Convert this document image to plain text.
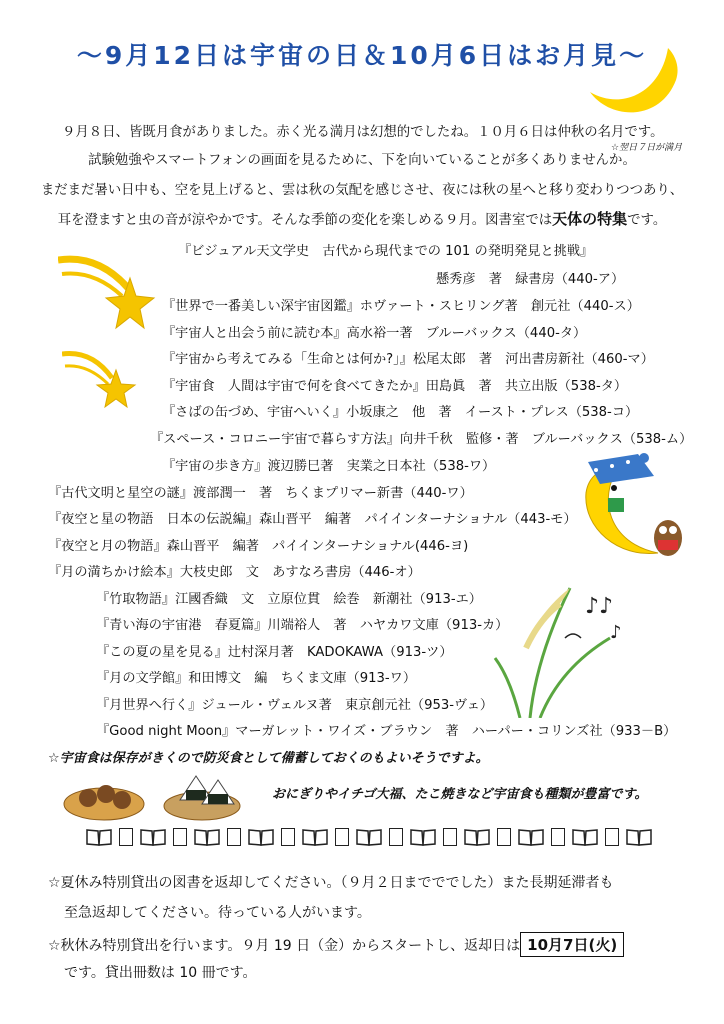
～9月12日は宇宙の日＆10月6日はお月見～
９月８日、皆既月食がありました。赤く光る満月は幻想的でしたね。１０月６日は仲秋の名月です。
☆翌日７日が満月
試験勉強やスマートフォンの画面を見るために、下を向いていることが多くありませんか。
まだまだ暑い日中も、空を見上げると、雲は秋の気配を感じさせ、夜には秋の星へと移り変わりつつあり、
耳を澄ますと虫の音が涼やかです。そんな季節の変化を楽しめる９月。図書室では天体の特集です。
『ビジュアル天文学史　古代から現代までの 101 の発明発見と挑戦』
懸秀彦　著　緑書房（440-ア）
『世界で一番美しい深宇宙図鑑』ホヴァート・スヒリング著　創元社（440-ス）
『宇宙人と出会う前に読む本』高水裕一著　ブルーバックス（440-タ）
『宇宙から考えてみる「生命とは何か?」』松尾太郎　著　河出書房新社（460-マ）
『宇宙食　人間は宇宙で何を食べてきたか』田島眞　著　共立出版（538-タ）
『さばの缶づめ、宇宙へいく』小坂康之　他　著　イースト・プレス（538-コ）
『スペース・コロニー宇宙で暮らす方法』向井千秋　監修・著　ブルーバックス（538-ム）
『宇宙の歩き方』渡辺勝巳著　実業之日本社（538-ワ）
『古代文明と星空の謎』渡部潤一　著　ちくまプリマー新書（440-ワ）
『夜空と星の物語　日本の伝説編』森山晋平　編著　パイインターナショナル（443-モ）
『夜空と月の物語』森山晋平　編著　パイインターナショナル(446-ヨ)
『月の満ちかけ絵本』大枝史郎　文　あすなろ書房（446-オ）
『竹取物語』江國香織　文　立原位貫　絵巻　新潮社（913-エ）
『青い海の宇宙港　春夏篇』川端裕人　著　ハヤカワ文庫（913-カ）
『この夏の星を見る』辻村深月著　KADOKAWA（913-ツ）
『月の文学館』和田博文　編　ちくま文庫（913-ワ）
『月世界へ行く』ジュール・ヴェルヌ著　東京創元社（953-ヴェ）
『Good night Moon』マーガレット・ワイズ・ブラウン　著　ハーパー・コリンズ社（933－B）
♪♪
♪
☆宇宙食は保存がきくので防災食として備蓄しておくのもよいそうですよ。
おにぎりやイチゴ大福、たこ焼きなど宇宙食も種類が豊富です。
☆夏休み特別貸出の図書を返却してください。（９月２日までででした）また長期延滞者も
至急返却してください。待っている人がいます。
☆秋休み特別貸出を行います。９月 19 日（金）からスタートし、返却日は 10月7日(火)
です。貸出冊数は 10 冊です。
